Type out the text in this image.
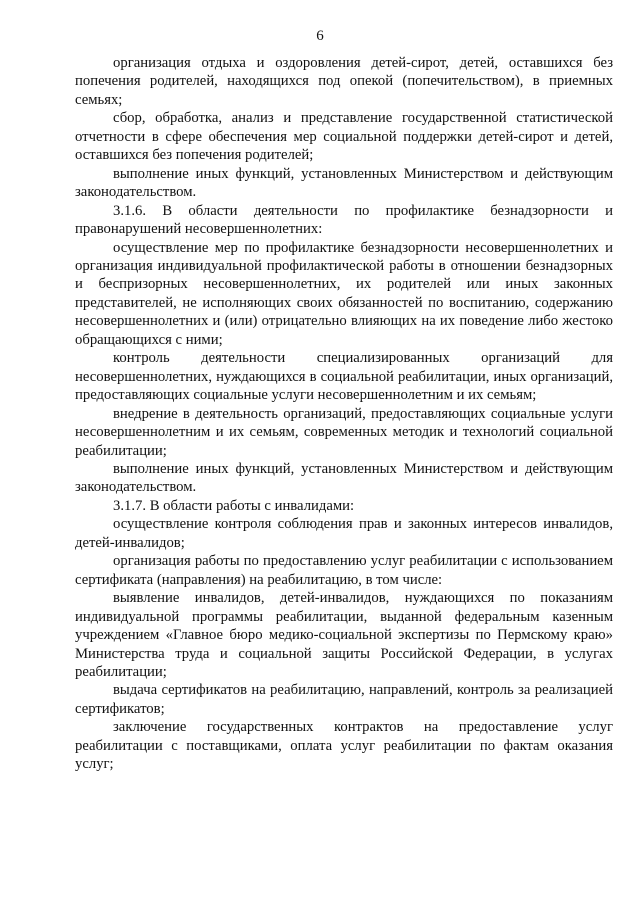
6

организация отдыха и оздоровления детей-сирот, детей, оставшихся без попечения родителей, находящихся под опекой (попечительством), в приемных семьях;

сбор, обработка, анализ и представление государственной статистической отчетности в сфере обеспечения мер социальной поддержки детей-сирот и детей, оставшихся без попечения родителей;

выполнение иных функций, установленных Министерством и действующим законодательством.

3.1.6. В области деятельности по профилактике безнадзорности и правонарушений несовершеннолетних:

осуществление мер по профилактике безнадзорности несовершеннолетних и организация индивидуальной профилактической работы в отношении безнадзорных и беспризорных несовершеннолетних, их родителей или иных законных представителей, не исполняющих своих обязанностей по воспитанию, содержанию несовершеннолетних и (или) отрицательно влияющих на их поведение либо жестоко обращающихся с ними;

контроль деятельности специализированных организаций для несовершеннолетних, нуждающихся в социальной реабилитации, иных организаций, предоставляющих социальные услуги несовершеннолетним и их семьям;

внедрение в деятельность организаций, предоставляющих социальные услуги несовершеннолетним и их семьям, современных методик и технологий социальной реабилитации;

выполнение иных функций, установленных Министерством и действующим законодательством.

3.1.7. В области работы с инвалидами:

осуществление контроля соблюдения прав и законных интересов инвалидов, детей-инвалидов;

организация работы по предоставлению услуг реабилитации с использованием сертификата (направления) на реабилитацию, в том числе:

выявление инвалидов, детей-инвалидов, нуждающихся по показаниям индивидуальной программы реабилитации, выданной федеральным казенным учреждением «Главное бюро медико-социальной экспертизы по Пермскому краю» Министерства труда и социальной защиты Российской Федерации, в услугах реабилитации;

выдача сертификатов на реабилитацию, направлений, контроль за реализацией сертификатов;

заключение государственных контрактов на предоставление услуг реабилитации с поставщиками, оплата услуг реабилитации по фактам оказания услуг;
